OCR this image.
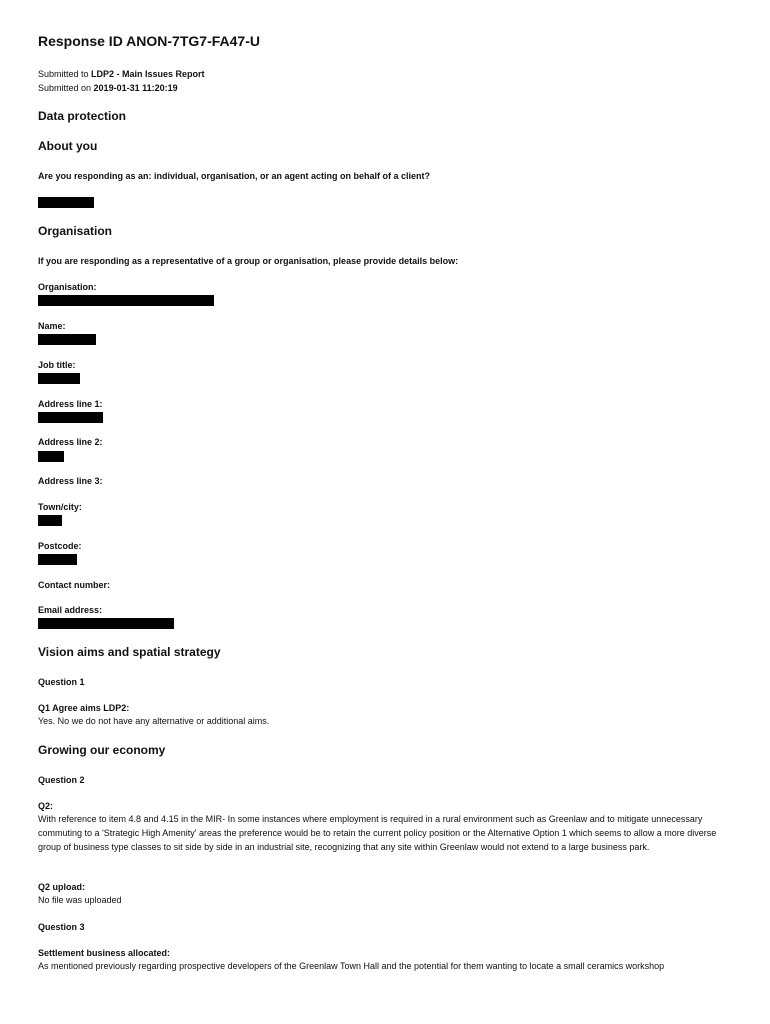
Response ID ANON-7TG7-FA47-U
Submitted to LDP2 - Main Issues Report
Submitted on 2019-01-31 11:20:19
Data protection
About you
Are you responding as an: individual, organisation, or an agent acting on behalf of a client?
Organisation
If you are responding as a representative of a group or organisation, please provide details below:
Organisation:
Name:
Job title:
Address line 1:
Address line 2:
Address line 3:
Town/city:
Postcode:
Contact number:
Email address:
Vision aims and spatial strategy
Question 1
Q1 Agree aims LDP2:
Yes. No we do not have any alternative or additional aims.
Growing our economy
Question 2
Q2:
With reference to item 4.8 and 4.15 in the MIR- In some instances where employment is required in a rural environment such as Greenlaw and to mitigate unnecessary commuting to a 'Strategic High Amenity' areas the preference would be to retain the current policy position or the Alternative Option 1 which seems to allow a more diverse group of business type classes to sit side by side in an industrial site, recognizing that any site within Greenlaw would not extend to a large business park.
Q2 upload:
No file was uploaded
Question 3
Settlement business allocated:
As mentioned previously regarding prospective developers of the Greenlaw Town Hall and the potential for them wanting to locate a small ceramics workshop
